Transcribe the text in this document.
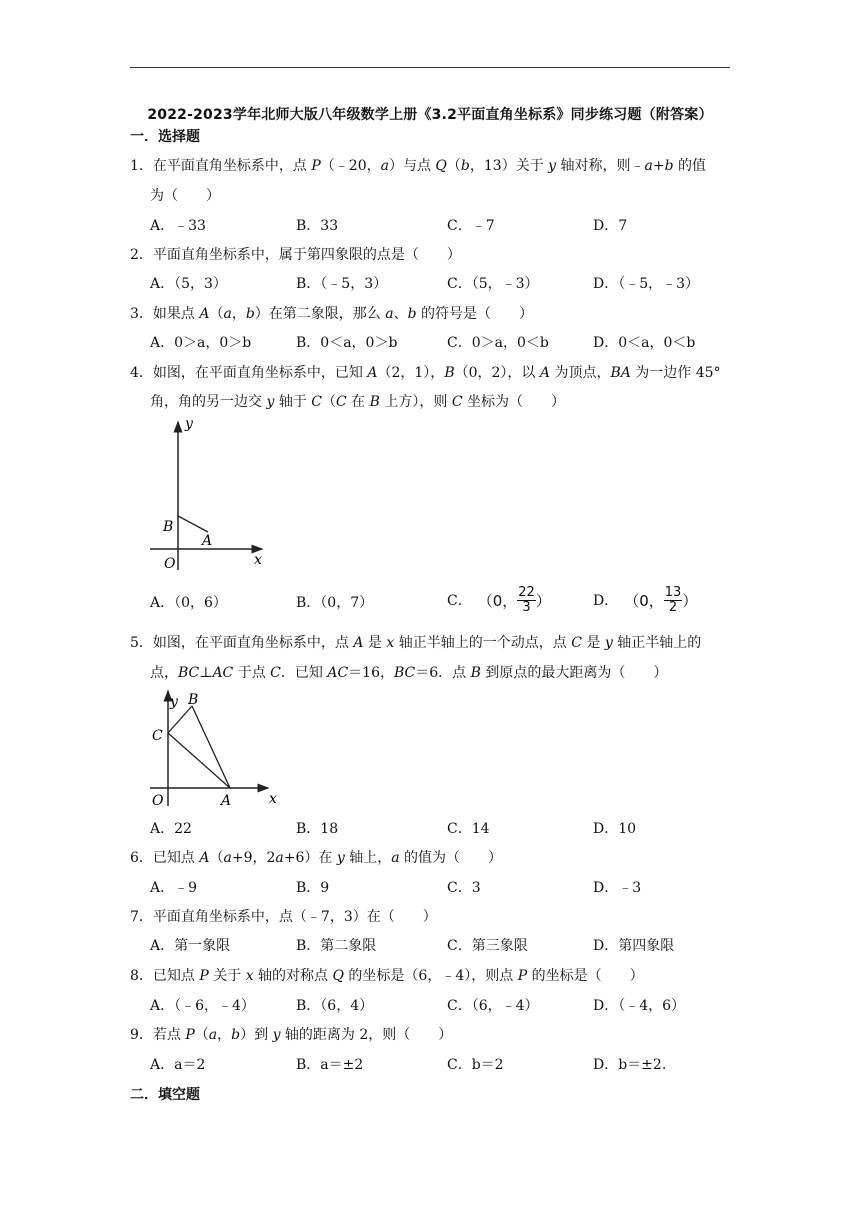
2022-2023学年北师大版八年级数学上册《3.2平面直角坐标系》同步练习题（附答案）
一．选择题
1．在平面直角坐标系中，点 P（﹣20，a）与点 Q（b，13）关于 y 轴对称，则﹣a+b 的值
为（　　）
A．﹣33	B．33	C．﹣7	D．7
2．平面直角坐标系中，属于第四象限的点是（　　）
A．（5，3）	B．（﹣5，3）	C．（5，﹣3）	D．（﹣5，﹣3）
3．如果点 A（a，b）在第二象限，那么 a、b 的符号是（　　）
A．0＞a，0＞b	B．0＜a，0＞b	C．0＞a，0＜b	D．0＜a，0＜b
4．如图，在平面直角坐标系中，已知 A（2，1），B（0，2），以 A 为顶点，BA 为一边作 45°
角，角的另一边交 y 轴于 C（C 在 B 上方），则 C 坐标为（　　）
y
x
O
B
A
A．（0，6）	B．（0，7）	C． （0， 22
3 ）	D． （0， 13
2 ）
5．如图，在平面直角坐标系中，点 A 是 x 轴正半轴上的一个动点，点 C 是 y 轴正半轴上的
点，BC⊥AC 于点 C．已知 AC＝16，BC＝6．点 B 到原点的最大距离为（　　）
y B
C
O	A	x
A．22	B．18	C．14	D．10
6．已知点 A（a+9，2a+6）在 y 轴上，a 的值为（　　）
A．﹣9	B．9	C．3	D．﹣3
7．平面直角坐标系中，点（﹣7，3）在（　　）
A．第一象限	B．第二象限	C．第三象限	D．第四象限
8．已知点 P 关于 x 轴的对称点 Q 的坐标是（6，﹣4），则点 P 的坐标是（　　）
A．（﹣6，﹣4）	B．（6，4）	C．（6，﹣4）	D．（﹣4，6）
9．若点 P（a，b）到 y 轴的距离为 2，则（　　）
A．a＝2	B．a＝±2	C．b＝2	D．b＝±2.
二．填空题
